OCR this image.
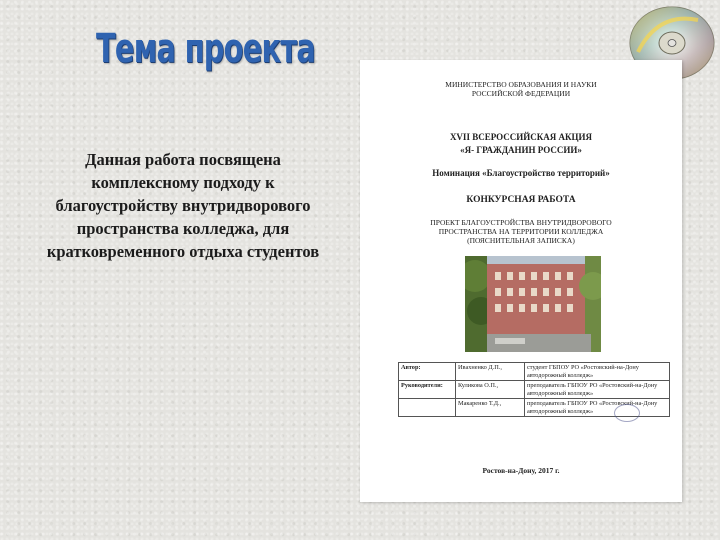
Тема проекта
Данная работа посвящена комплексному подходу к благоустройству внутридворового пространства колледжа, для кратковременного отдыха студентов
МИНИСТЕРСТВО ОБРАЗОВАНИЯ И НАУКИ
РОССИЙСКОЙ ФЕДЕРАЦИИ
XVII ВСЕРОССИЙСКАЯ АКЦИЯ
«Я- ГРАЖДАНИН РОССИИ»
Номинация «Благоустройство территорий»
КОНКУРСНАЯ РАБОТА
ПРОЕКТ БЛАГОУСТРОЙСТВА ВНУТРИДВОРОВОГО
ПРОСТРАНСТВА НА ТЕРРИТОРИИ КОЛЛЕДЖА
(ПОЯСНИТЕЛЬНАЯ ЗАПИСКА)
Автор:	Ивахненко Д.П.,	студент ГБПОУ РО «Ростовский-на-Дону автодорожный колледж»
Руководители:	Куликова О.П.,	преподаватель ГБПОУ РО «Ростовский-на-Дону автодорожный колледж»
	Макаренко Т.Д.,	преподаватель ГБПОУ РО «Ростовский-на-Дону автодорожный колледж»
Ростов-на-Дону, 2017 г.
